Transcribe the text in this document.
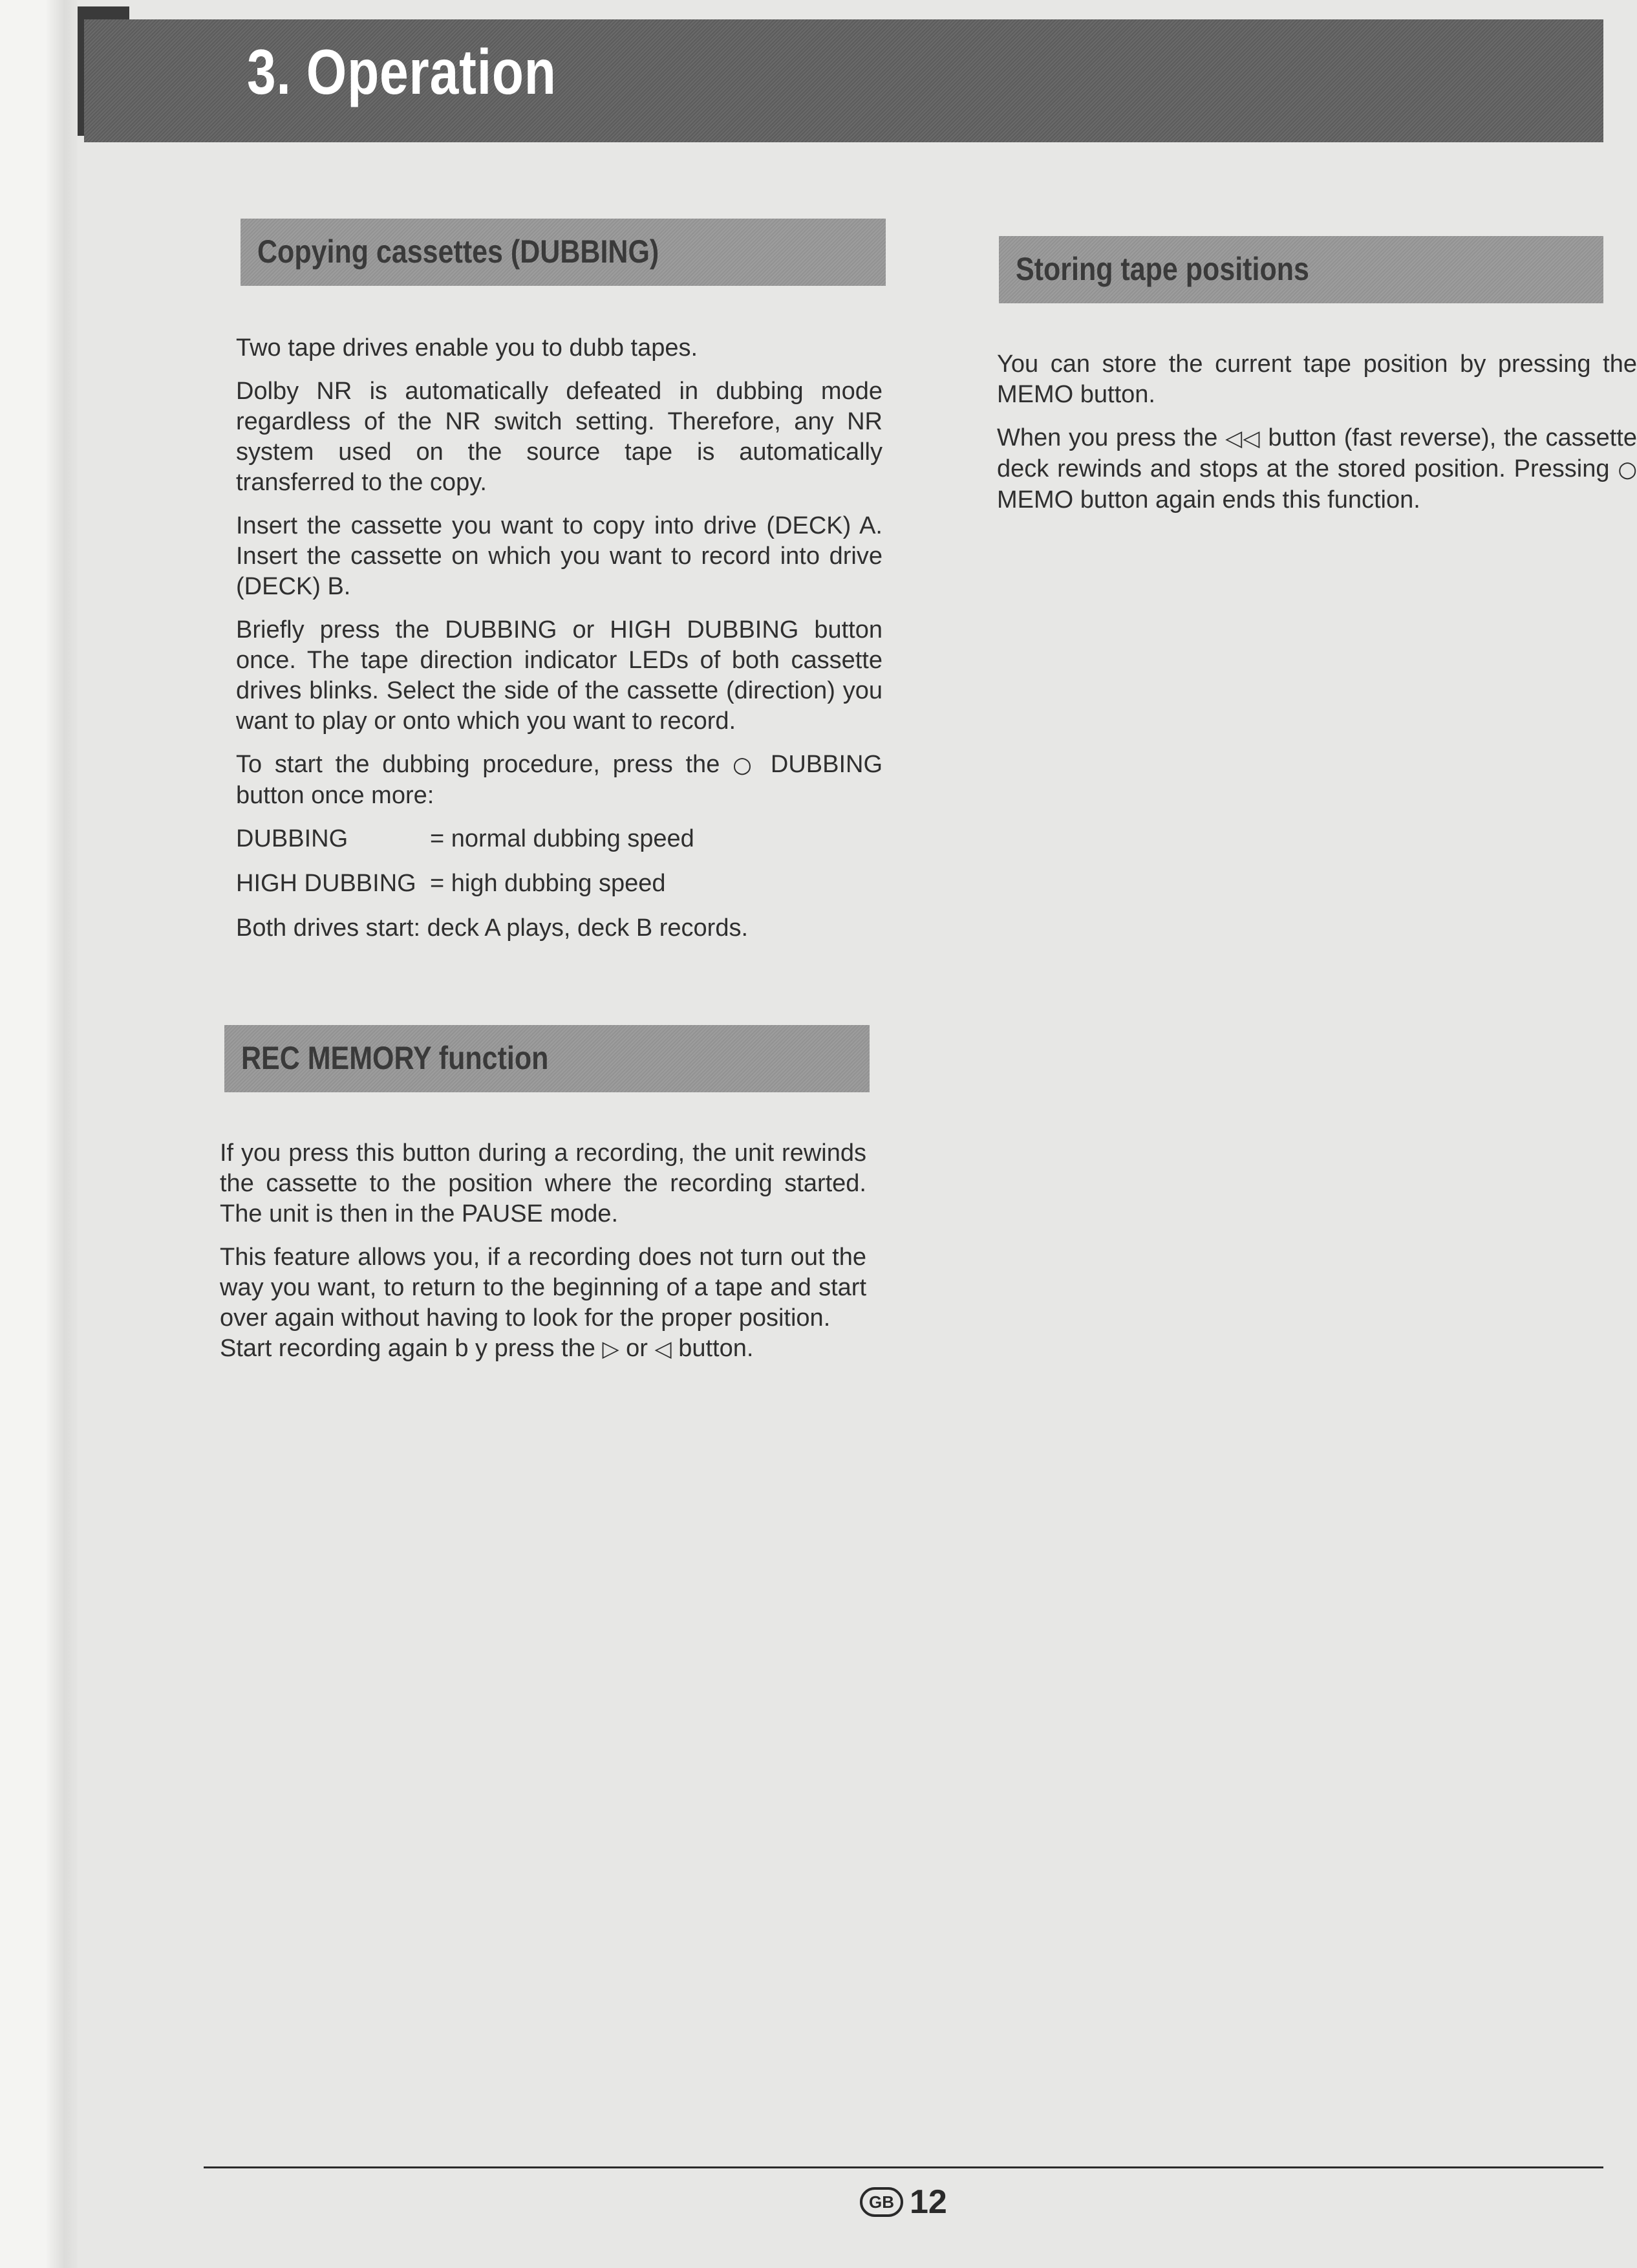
3. Operation
Copying cassettes (DUBBING)

Two tape drives enable you to dubb tapes.

Dolby NR is automatically defeated in dubbing mode regardless of the NR switch setting. Therefore, any NR system used on the source tape is automatically transferred to the copy.

Insert the cassette you want to copy into drive (DECK) A. Insert the cassette on which you want to record into drive (DECK) B.

Briefly press the DUBBING or HIGH DUBBING button once. The tape direction indicator LEDs of both cassette drives blinks. Select the side of the cassette (direction) you want to play or onto which you want to record.

To start the dubbing procedure, press the ○ DUBBING button once more:

DUBBING	= normal dubbing speed
HIGH DUBBING = high dubbing speed

Both drives start: deck A plays, deck B records.

REC MEMORY function

If you press this button during a recording, the unit rewinds the cassette to the position where the recording started. The unit is then in the PAUSE mode.

This feature allows you, if a recording does not turn out the way you want, to return to the beginning of a tape and start over again without having to look for the proper position.

Start recording again b y press the ▷ or ◁ button.

Storing tape positions

You can store the current tape position by pressing the MEMO button.

When you press the ◁◁ button (fast reverse), the cassette deck rewinds and stops at the stored position. Pressing ○ MEMO button again ends this function.

GB 12
